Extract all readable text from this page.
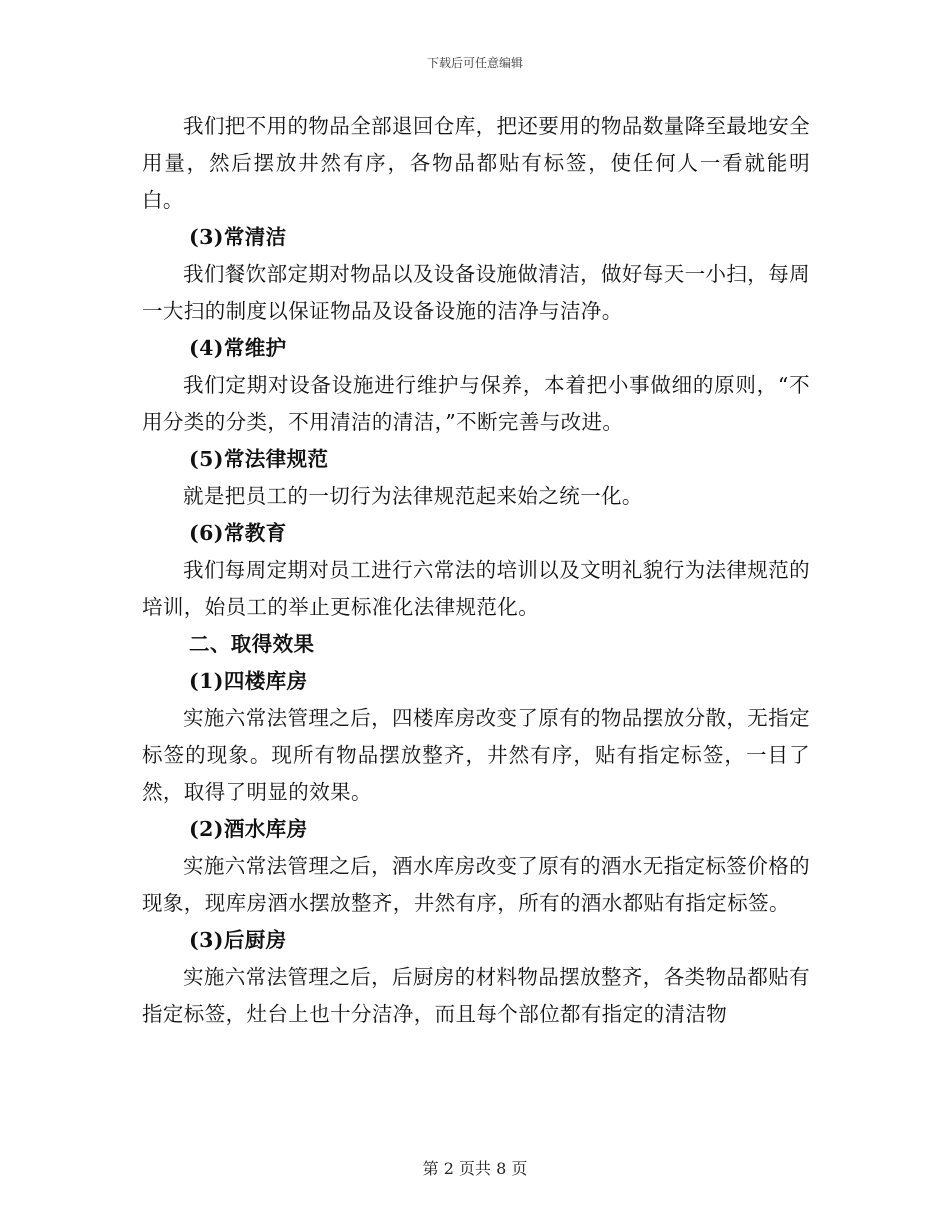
下载后可任意编辑

我们把不用的物品全部退回仓库，把还要用的物品数量降至最地安全用量，然后摆放井然有序，各物品都贴有标签，使任何人一看就能明白。

(3)常清洁

我们餐饮部定期对物品以及设备设施做清洁，做好每天一小扫，每周一大扫的制度以保证物品及设备设施的洁净与洁净。

(4)常维护

我们定期对设备设施进行维护与保养，本着把小事做细的原则，“不用分类的分类，不用清洁的清洁，”不断完善与改进。

(5)常法律规范

就是把员工的一切行为法律规范起来始之统一化。

(6)常教育

我们每周定期对员工进行六常法的培训以及文明礼貌行为法律规范的培训，始员工的举止更标准化法律规范化。

二、取得效果

(1)四楼库房

实施六常法管理之后，四楼库房改变了原有的物品摆放分散，无指定标签的现象。现所有物品摆放整齐，井然有序，贴有指定标签，一目了然，取得了明显的效果。

(2)酒水库房

实施六常法管理之后，酒水库房改变了原有的酒水无指定标签价格的现象，现库房酒水摆放整齐，井然有序，所有的酒水都贴有指定标签。

(3)后厨房

实施六常法管理之后，后厨房的材料物品摆放整齐，各类物品都贴有指定标签，灶台上也十分洁净，而且每个部位都有指定的清洁物

第 2 页共 8 页
